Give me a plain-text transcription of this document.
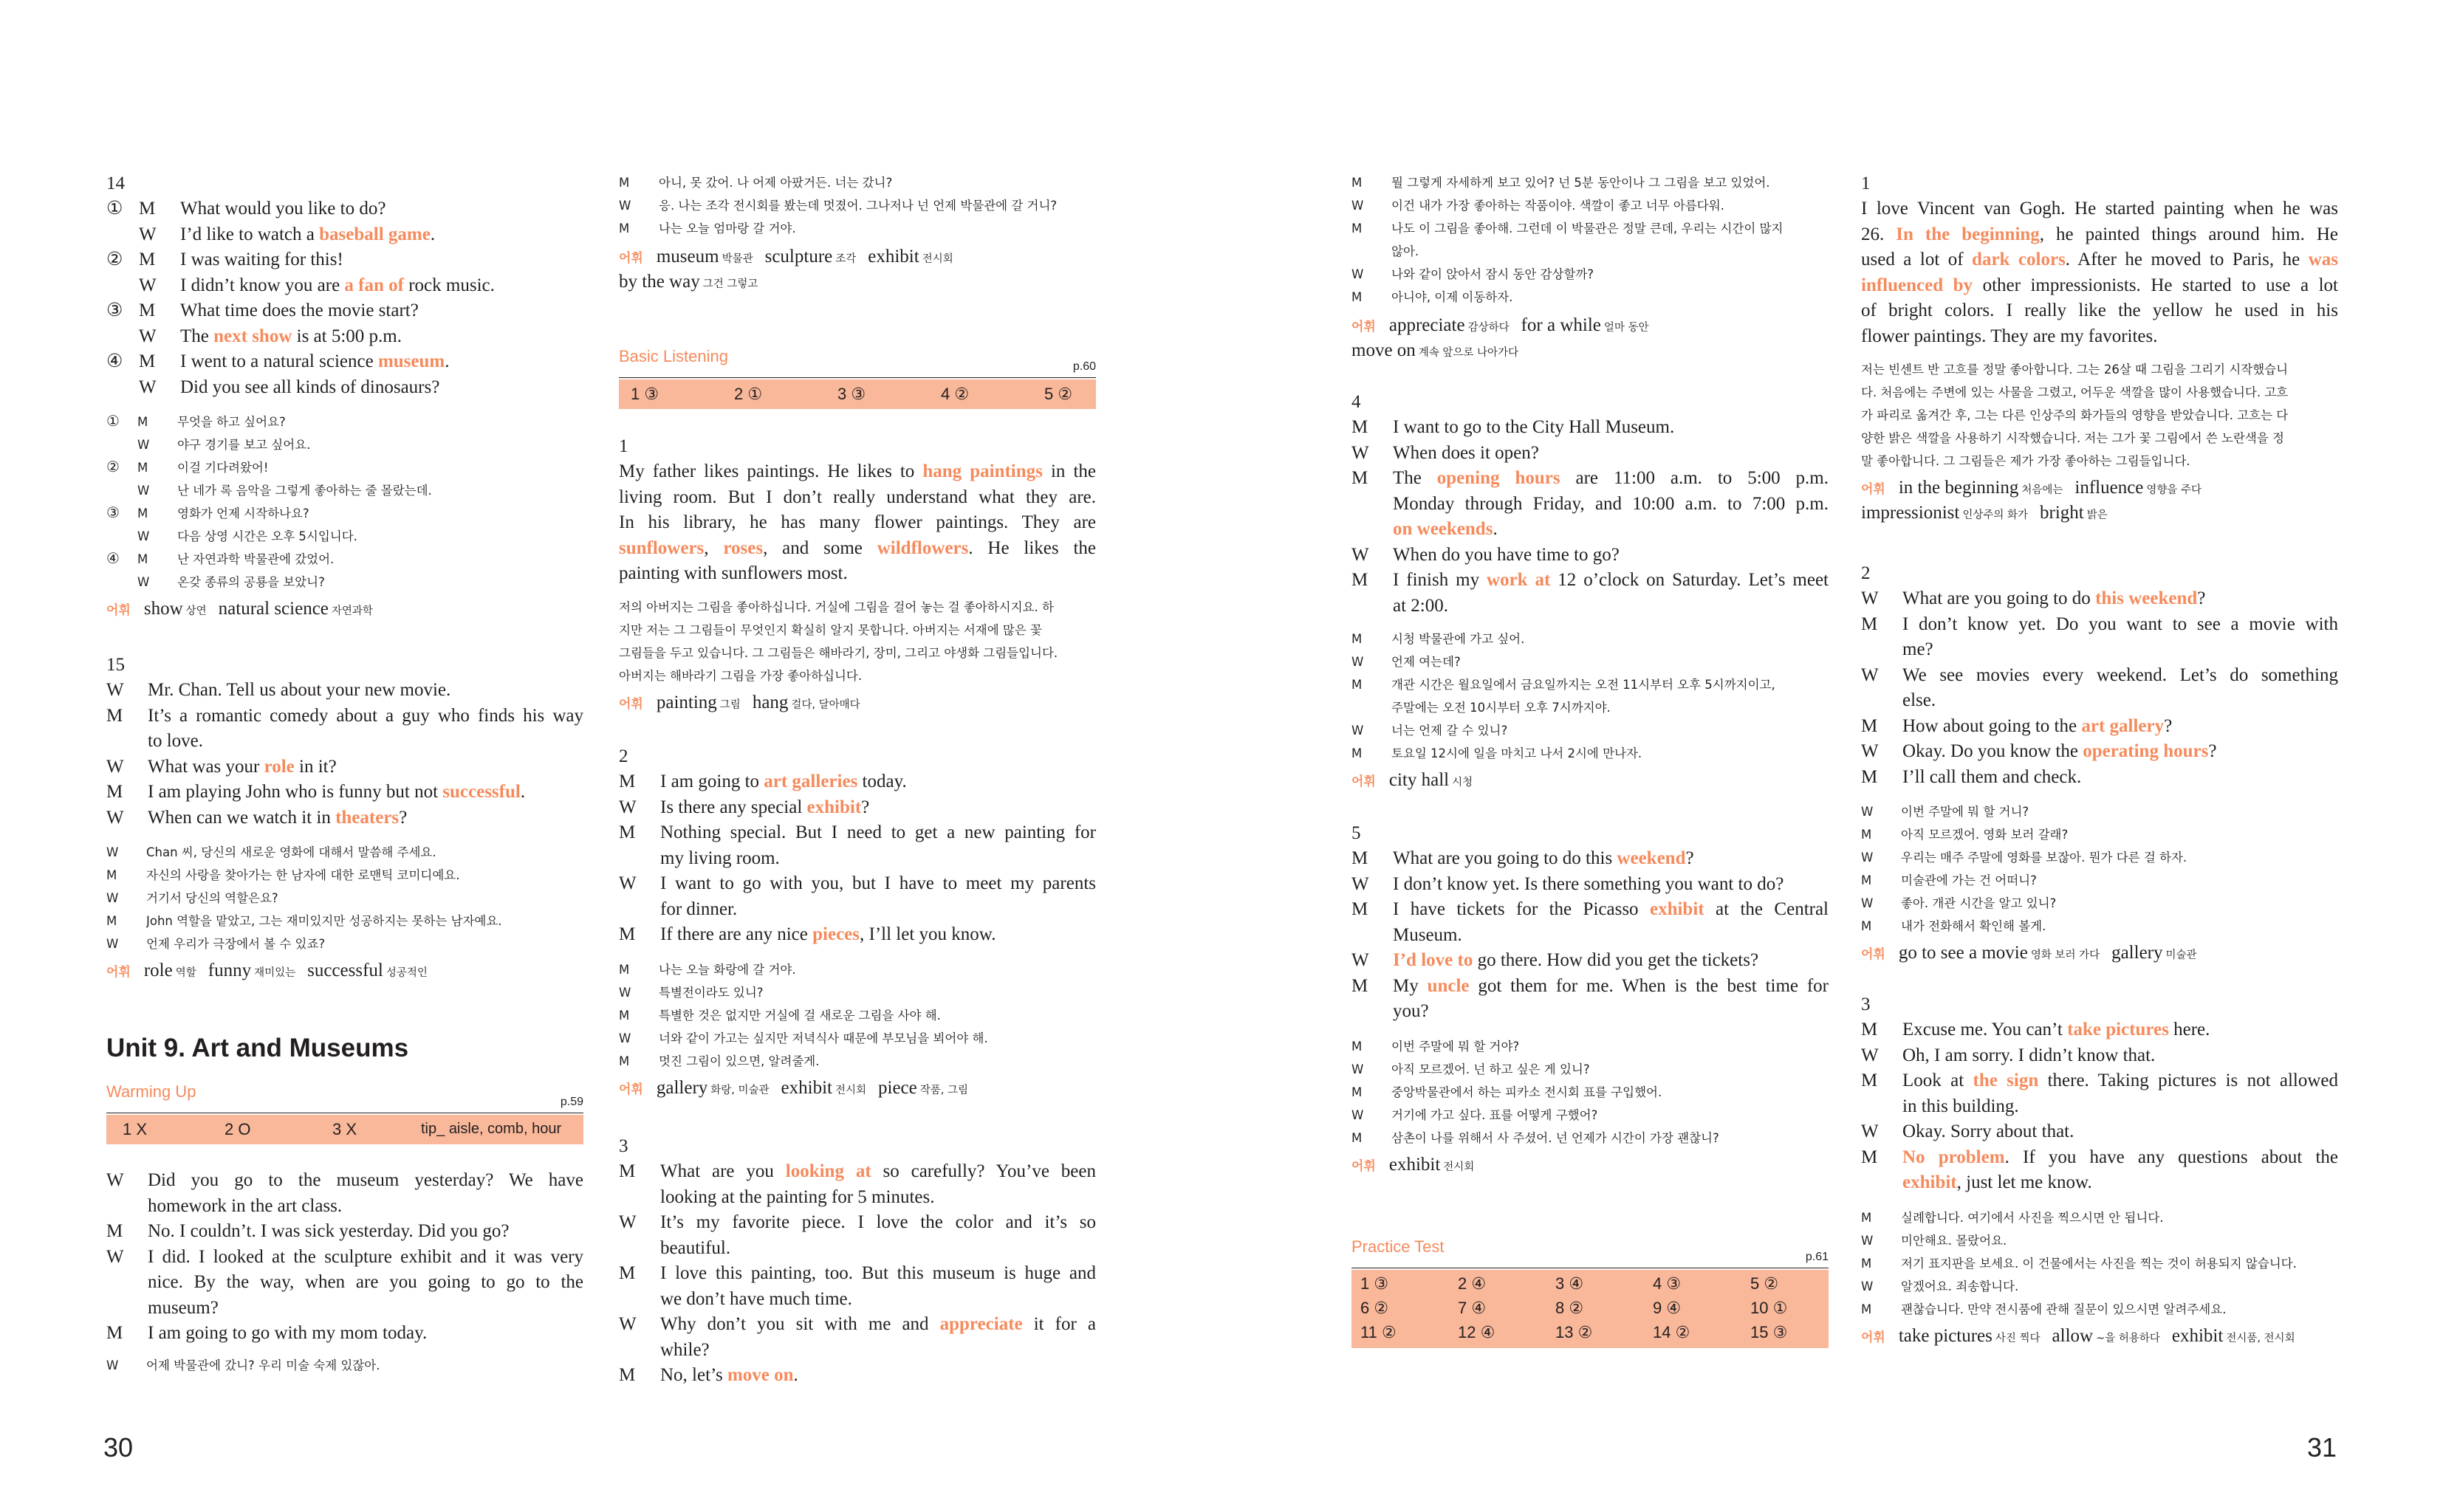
14
① M What would you like to do?
W I’d like to watch a baseball game.
② M I was waiting for this!
W I didn’t know you are a fan of rock music.
③ M What time does the movie start?
W The next show is at 5:00 p.m.
④ M I went to a natural science museum.
W Did you see all kinds of dinosaurs?
① M	무엇을 하고 싶어요?
W	야구 경기를 보고 싶어요.
② M	이걸 기다려왔어!
W	난 네가 록 음악을 그렇게 좋아하는 줄 몰랐는데.
③ M	영화가 언제 시작하나요?
W	다음 상영 시간은 오후 5시입니다.
④ M	난 자연과학 박물관에 갔었어.
W	온갖 종류의 공룡을 보았니?
어휘 show 상연 natural science 자연과학
15
W Mr. Chan. Tell us about your new movie.
M It’s a romantic comedy about a guy who finds his way
to love.
W What was your role in it?
M I am playing John who is funny but not successful.
W When can we watch it in theaters?
W	Chan 씨, 당신의 새로운 영화에 대해서 말씀해 주세요.
M	자신의 사랑을 찾아가는 한 남자에 대한 로맨틱 코미디예요.
W	거기서 당신의 역할은요?
M	John 역할을 맡았고, 그는 재미있지만 성공하지는 못하는 남자예요.
W	언제 우리가 극장에서 볼 수 있죠?
어휘 role 역할 funny 재미있는 successful 성공적인
Unit 9. Art and Museums
Warming Up
p.59
1 X	2 O	3 X	tip_ aisle, comb, hour
W Did you go to the museum yesterday? We have
homework in the art class.
M No. I couldn’t. I was sick yesterday. Did you go?
W I did. I looked at the sculpture exhibit and it was very
nice. By the way, when are you going to go to the
museum?
M I am going to go with my mom today.
W	어제 박물관에 갔니? 우리 미술 숙제 있잖아.
M	아니, 못 갔어. 나 어제 아팠거든. 너는 갔니?
W	응. 나는 조각 전시회를 봤는데 멋졌어. 그나저나 넌 언제 박물관에 갈 거니?
M	나는 오늘 엄마랑 갈 거야.
어휘 museum 박물관 sculpture 조각 exhibit 전시회
by the way 그건 그렇고
Basic Listening
p.60
1 ③	2 ①	3 ③	4 ②	5 ②
1
My father likes paintings. He likes to hang paintings in the
living room. But I don’t really understand what they are.
In his library, he has many flower paintings. They are
sunflowers, roses, and some wildflowers. He likes the
painting with sunflowers most.
저의 아버지는 그림을 좋아하십니다. 거실에 그림을 걸어 놓는 걸 좋아하시지요. 하
지만 저는 그 그림들이 무엇인지 확실히 알지 못합니다. 아버지는 서재에 많은 꽃
그림들을 두고 있습니다. 그 그림들은 해바라기, 장미, 그리고 야생화 그림들입니다.
아버지는 해바라기 그림을 가장 좋아하십니다.
어휘 painting 그림 hang 걸다, 달아매다
2
M I am going to art galleries today.
W Is there any special exhibit?
M Nothing special. But I need to get a new painting for
my living room.
W I want to go with you, but I have to meet my parents
for dinner.
M If there are any nice pieces, I’ll let you know.
M	나는 오늘 화랑에 갈 거야.
W	특별전이라도 있니?
M	특별한 것은 없지만 거실에 걸 새로운 그림을 사야 해.
W	너와 같이 가고는 싶지만 저녁식사 때문에 부모님을 뵈어야 해.
M	멋진 그림이 있으면, 알려줄게.
어휘 gallery 화랑, 미술관 exhibit 전시회 piece 작품, 그림
3
M What are you looking at so carefully? You’ve been
looking at the painting for 5 minutes.
W It’s my favorite piece. I love the color and it’s so
beautiful.
M I love this painting, too. But this museum is huge and
we don’t have much time.
W Why don’t you sit with me and appreciate it for a
while?
M No, let’s move on.
30
M	뭘 그렇게 자세하게 보고 있어? 넌 5분 동안이나 그 그림을 보고 있었어.
W	이건 내가 가장 좋아하는 작품이야. 색깔이 좋고 너무 아름다워.
M	나도 이 그림을 좋아해. 그런데 이 박물관은 정말 큰데, 우리는 시간이 많지
않아.
W	나와 같이 앉아서 잠시 동안 감상할까?
M	아니야, 이제 이동하자.
어휘 appreciate 감상하다 for a while 얼마 동안
move on 계속 앞으로 나아가다
4
M I want to go to the City Hall Museum.
W When does it open?
M The opening hours are 11:00 a.m. to 5:00 p.m.
Monday through Friday, and 10:00 a.m. to 7:00 p.m.
on weekends.
W When do you have time to go?
M I finish my work at 12 o’clock on Saturday. Let’s meet
at 2:00.
M	시청 박물관에 가고 싶어.
W	언제 여는데?
M	개관 시간은 월요일에서 금요일까지는 오전 11시부터 오후 5시까지이고,
주말에는 오전 10시부터 오후 7시까지야.
W	너는 언제 갈 수 있니?
M	토요일 12시에 일을 마치고 나서 2시에 만나자.
어휘 city hall 시청
5
M What are you going to do this weekend?
W I don’t know yet. Is there something you want to do?
M I have tickets for the Picasso exhibit at the Central
Museum.
W I’d love to go there. How did you get the tickets?
M My uncle got them for me. When is the best time for
you?
M	이번 주말에 뭐 할 거야?
W	아직 모르겠어. 넌 하고 싶은 게 있니?
M	중앙박물관에서 하는 피카소 전시회 표를 구입했어.
W	거기에 가고 싶다. 표를 어떻게 구했어?
M	삼촌이 나를 위해서 사 주셨어. 넌 언제가 시간이 가장 괜찮니?
어휘 exhibit 전시회
Practice Test
p.61
1 ③	2 ④	3 ④	4 ③	5 ②
6 ②	7 ④	8 ②	9 ④	10 ①
11 ②	12 ④	13 ②	14 ②	15 ③
1
I love Vincent van Gogh. He started painting when he was
26. In the beginning, he painted things around him. He
used a lot of dark colors. After he moved to Paris, he was
influenced by other impressionists. He started to use a lot
of bright colors. I really like the yellow he used in his
flower paintings. They are my favorites.
저는 빈센트 반 고흐를 정말 좋아합니다. 그는 26살 때 그림을 그리기 시작했습니
다. 처음에는 주변에 있는 사물을 그렸고, 어두운 색깔을 많이 사용했습니다. 고흐
가 파리로 옮겨간 후, 그는 다른 인상주의 화가들의 영향을 받았습니다. 고흐는 다
양한 밝은 색깔을 사용하기 시작했습니다. 저는 그가 꽃 그림에서 쓴 노란색을 정
말 좋아합니다. 그 그림들은 제가 가장 좋아하는 그림들입니다.
어휘 in the beginning 처음에는 influence 영향을 주다
impressionist 인상주의 화가 bright 밝은
2
W What are you going to do this weekend?
M I don’t know yet. Do you want to see a movie with
me?
W We see movies every weekend. Let’s do something
else.
M How about going to the art gallery?
W Okay. Do you know the operating hours?
M I’ll call them and check.
W	이번 주말에 뭐 할 거니?
M	아직 모르겠어. 영화 보러 갈래?
W	우리는 매주 주말에 영화를 보잖아. 뭔가 다른 걸 하자.
M	미술관에 가는 건 어떠니?
W	좋아. 개관 시간을 알고 있니?
M	내가 전화해서 확인해 볼게.
어휘 go to see a movie 영화 보러 가다 gallery 미술관
3
M Excuse me. You can’t take pictures here.
W Oh, I am sorry. I didn’t know that.
M Look at the sign there. Taking pictures is not allowed
in this building.
W Okay. Sorry about that.
M No problem. If you have any questions about the
exhibit, just let me know.
M	실례합니다. 여기에서 사진을 찍으시면 안 됩니다.
W	미안해요. 몰랐어요.
M	저기 표지판을 보세요. 이 건물에서는 사진을 찍는 것이 허용되지 않습니다.
W	알겠어요. 죄송합니다.
M	괜찮습니다. 만약 전시품에 관해 질문이 있으시면 알려주세요.
어휘 take pictures 사진 찍다 allow ~을 허용하다 exhibit 전시품, 전시회
31
